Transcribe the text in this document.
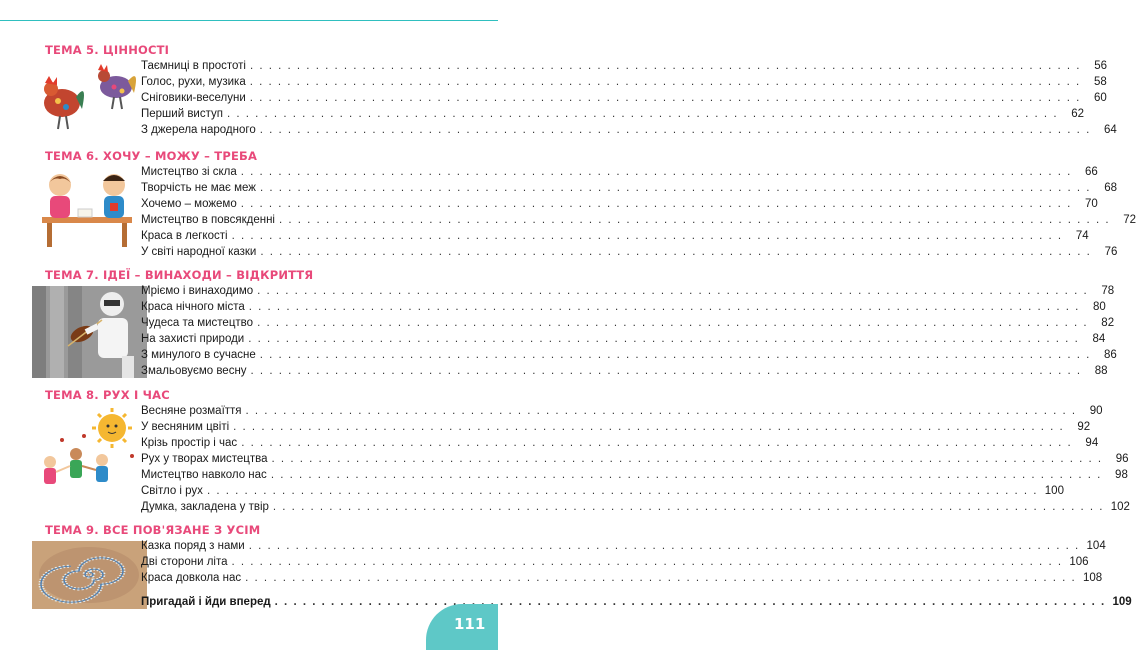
ТЕМА 5. ЦІННОСТІ
Таємниці в простоті . . .	56
Голос, рухи, музика . . .	58
Сніговики-веселуни . . .	60
Перший виступ . . .	62
З джерела народного . . .	64
ТЕМА 6. ХОЧУ – МОЖУ – ТРЕБА
Мистецтво зі скла . . .	66
Творчість не має меж . . .	68
Хочемо – можемо . . .	70
Мистецтво в повсякденні . . .	72
Краса в легкості . . .	74
У світі народної казки . . .	76
ТЕМА 7. ІДЕЇ – ВИНАХОДИ – ВІДКРИТТЯ
Мріємо і винаходимо . . .	78
Краса нічного міста . . .	80
Чудеса та мистецтво . . .	82
На захисті природи . . .	84
З минулого в сучасне . . .	86
Змальовуємо весну . . .	88
ТЕМА 8. РУХ І ЧАС
Весняне розмаїття . . .	90
У весняним цвіті . . .	92
Крізь простір і час . . .	94
Рух у творах мистецтва . . .	96
Мистецтво навколо нас . . .	98
Світло і рух . . .	100
Думка, закладена у твір . . .	102
ТЕМА 9. ВСЕ ПОВ'ЯЗАНЕ З УСІМ
Казка поряд з нами . . .	104
Дві сторони літа . . .	106
Краса довкола нас . . .	108
Пригадай і йди вперед . . .	109
111
